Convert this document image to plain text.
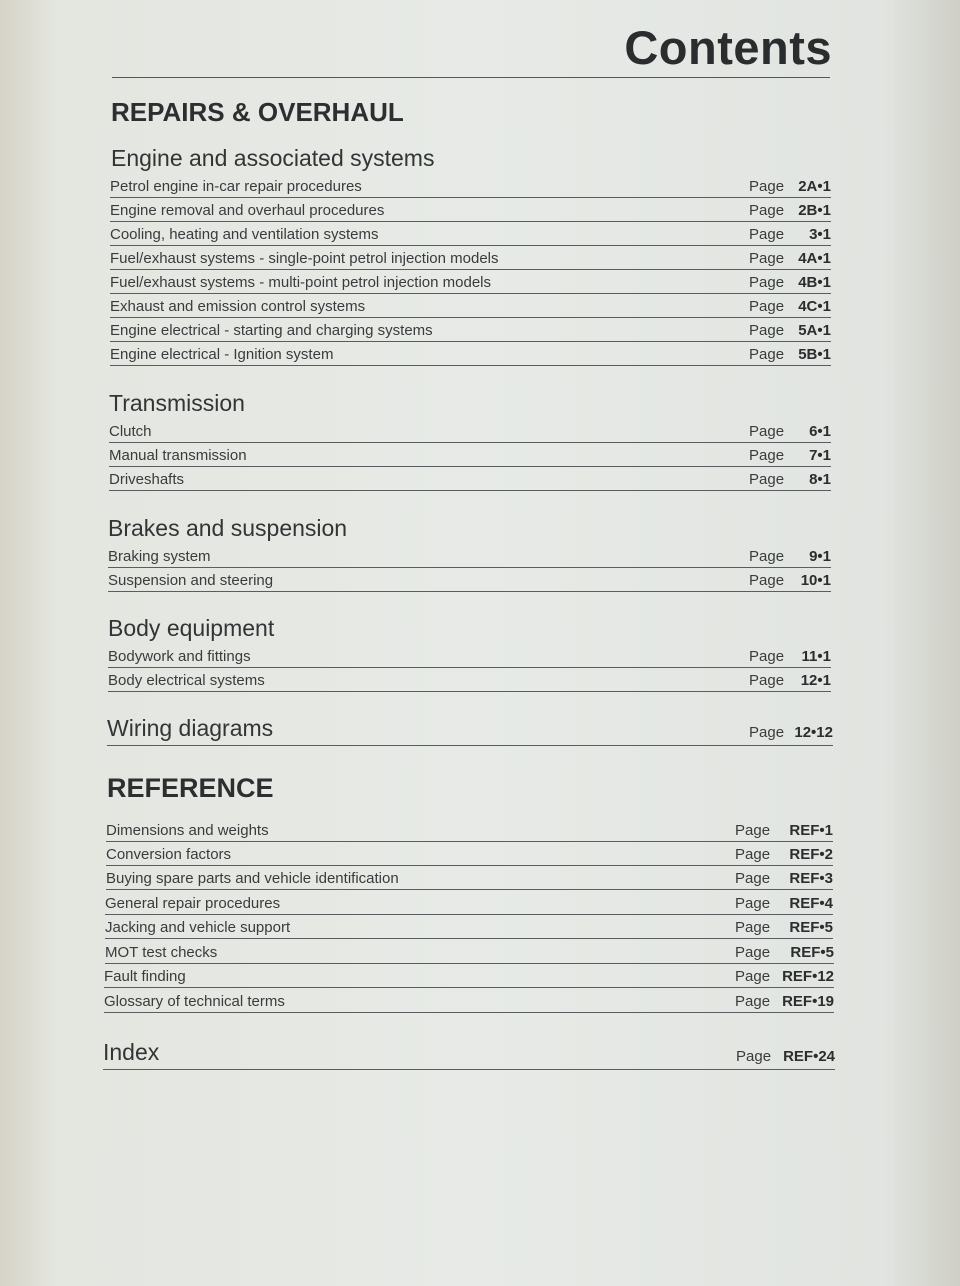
Contents
REPAIRS & OVERHAUL
Engine and associated systems
Petrol engine in-car repair procedures	Page 2A•1
Engine removal and overhaul procedures	Page 2B•1
Cooling, heating and ventilation systems	Page 3•1
Fuel/exhaust systems - single-point petrol injection models	Page 4A•1
Fuel/exhaust systems - multi-point petrol injection models	Page 4B•1
Exhaust and emission control systems	Page 4C•1
Engine electrical - starting and charging systems	Page 5A•1
Engine electrical - Ignition system	Page 5B•1
Transmission
Clutch	Page 6•1
Manual transmission	Page 7•1
Driveshafts	Page 8•1
Brakes and suspension
Braking system	Page 9•1
Suspension and steering	Page 10•1
Body equipment
Bodywork and fittings	Page 11•1
Body electrical systems	Page 12•1
Wiring diagrams	Page 12•12
REFERENCE
Dimensions and weights	Page REF•1
Conversion factors	Page REF•2
Buying spare parts and vehicle identification	Page REF•3
General repair procedures	Page REF•4
Jacking and vehicle support	Page REF•5
MOT test checks	Page REF•5
Fault finding	Page REF•12
Glossary of technical terms	Page REF•19
Index	Page REF•24
